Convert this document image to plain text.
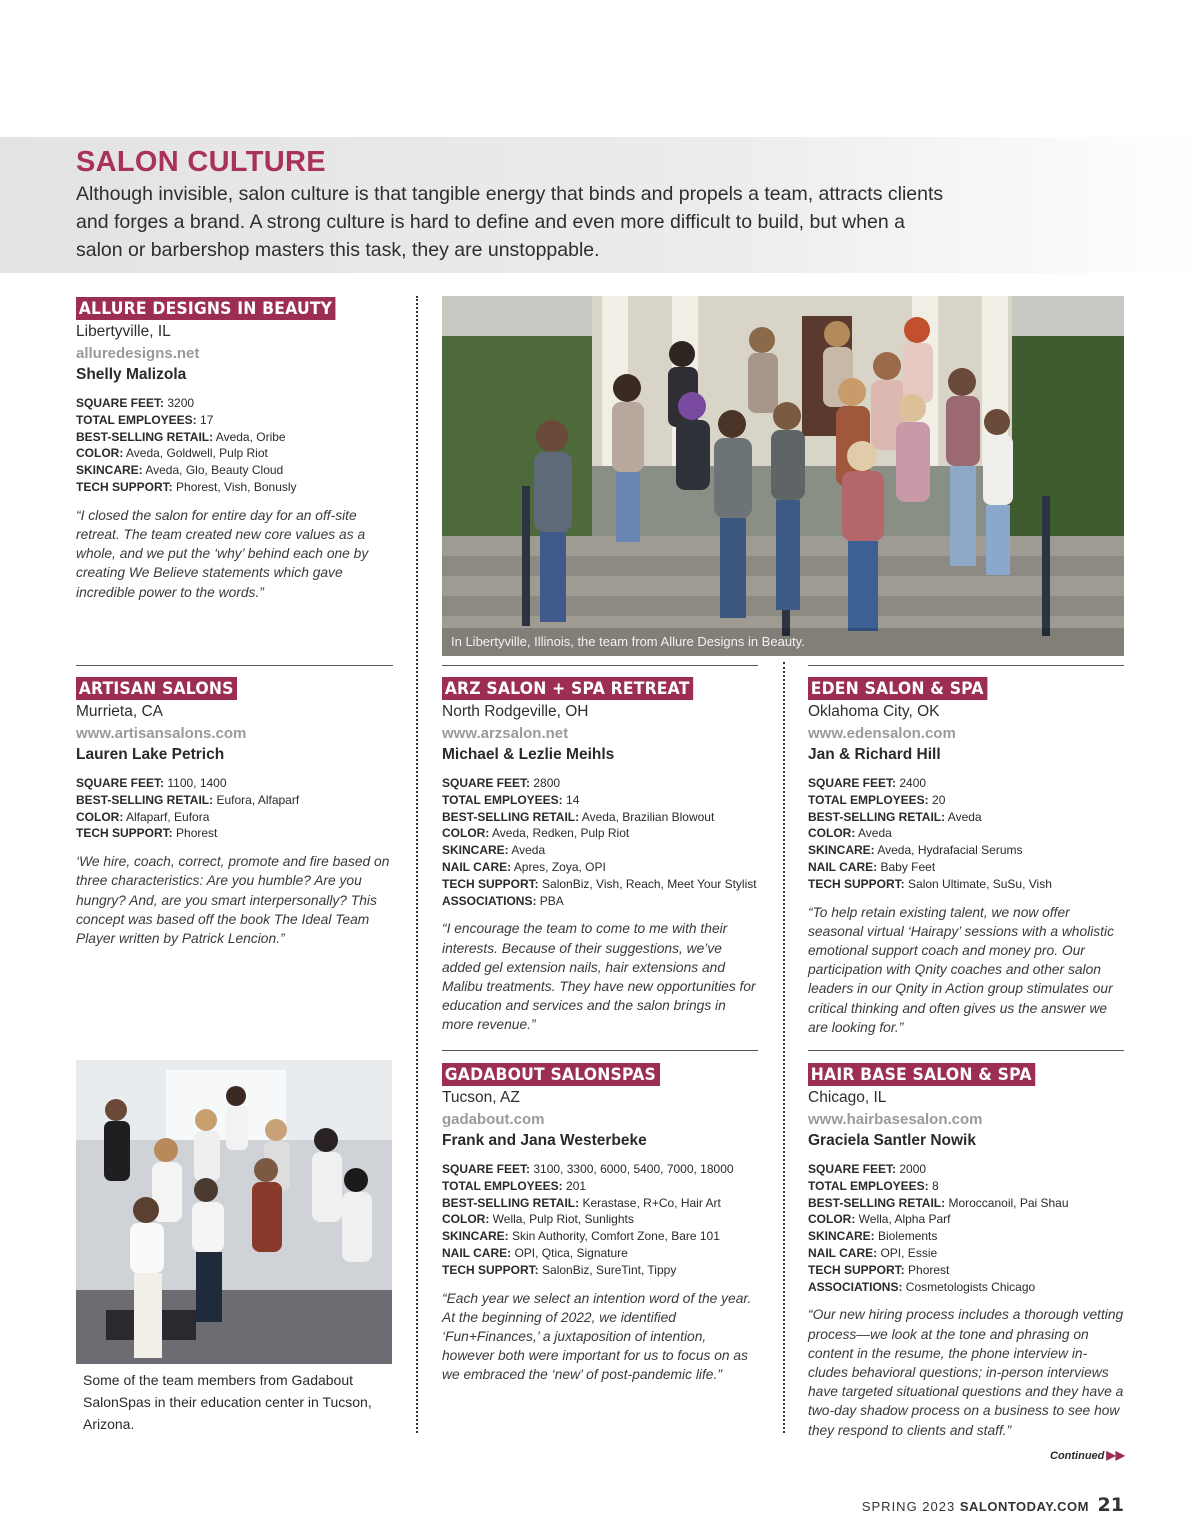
SALON CULTURE
Although invisible, salon culture is that tangible energy that binds and propels a team, attracts clients and forges a brand. A strong culture is hard to define and even more difficult to build, but when a salon or barbershop masters this task, they are unstoppable.
ALLURE DESIGNS IN BEAUTY
Libertyville, IL
alluredesigns.net
Shelly Malizola
SQUARE FEET: 3200
TOTAL EMPLOYEES: 17
BEST-SELLING RETAIL: Aveda, Oribe
COLOR: Aveda, Goldwell, Pulp Riot
SKINCARE: Aveda, Glo, Beauty Cloud
TECH SUPPORT: Phorest, Vish, Bonusly
“I closed the salon for entire day for an off-site retreat. The team created new core values as a whole, and we put the ‘why’ behind each one by creating We Believe statements which gave incredible power to the words.”
In Libertyville, Illinois, the team from Allure Designs in Beauty.
ARTISAN SALONS
Murrieta, CA
www.artisansalons.com
Lauren Lake Petrich
SQUARE FEET: 1100, 1400
BEST-SELLING RETAIL: Eufora, Alfaparf
COLOR: Alfaparf, Eufora
TECH SUPPORT: Phorest
‘We hire, coach, correct, promote and fire based on three characteristics: Are you humble? Are you hungry? And, are you smart interpersonally? This concept was based off the book The Ideal Team Player written by Patrick Lencion.”
ARZ SALON + SPA RETREAT
North Rodgeville, OH
www.arzsalon.net
Michael & Lezlie Meihls
SQUARE FEET: 2800
TOTAL EMPLOYEES: 14
BEST-SELLING RETAIL: Aveda, Brazilian Blowout
COLOR: Aveda, Redken, Pulp Riot
SKINCARE: Aveda
NAIL CARE: Apres, Zoya, OPI
TECH SUPPORT: SalonBiz, Vish, Reach, Meet Your Stylist
ASSOCIATIONS: PBA
“I encourage the team to come to me with their interests. Because of their suggestions, we’ve added gel extension nails, hair extensions and Malibu treatments. They have new opportunities for education and services and the salon brings in more revenue.”
EDEN SALON & SPA
Oklahoma City, OK
www.edensalon.com
Jan & Richard Hill
SQUARE FEET: 2400
TOTAL EMPLOYEES: 20
BEST-SELLING RETAIL: Aveda
COLOR: Aveda
SKINCARE: Aveda, Hydrafacial Serums
NAIL CARE: Baby Feet
TECH SUPPORT: Salon Ultimate, SuSu, Vish
“To help retain existing talent, we now offer seasonal virtual ‘Hairapy’ sessions with a wholistic emotional support coach and money pro. Our participation with Qnity coaches and other salon leaders in our Qnity in Action group stimulates our critical thinking and often gives us the answer we are looking for.”
Some of the team members from Gadabout SalonSpas in their education center in Tucson, Arizona.
GADABOUT SALONSPAS
Tucson, AZ
gadabout.com
Frank and Jana Westerbeke
SQUARE FEET: 3100, 3300, 6000, 5400, 7000, 18000
TOTAL EMPLOYEES: 201
BEST-SELLING RETAIL: Kerastase, R+Co, Hair Art
COLOR: Wella, Pulp Riot, Sunlights
SKINCARE: Skin Authority, Comfort Zone, Bare 101
NAIL CARE: OPI, Qtica, Signature
TECH SUPPORT: SalonBiz, SureTint, Tippy
“Each year we select an intention word of the year. At the beginning of 2022, we identified ‘Fun+Finances,’ a juxtaposition of intention, however both were important for us to focus on as we embraced the ‘new’ of post-pandemic life.”
HAIR BASE SALON & SPA
Chicago, IL
www.hairbasesalon.com
Graciela Santler Nowik
SQUARE FEET: 2000
TOTAL EMPLOYEES: 8
BEST-SELLING RETAIL: Moroccanoil, Pai Shau
COLOR: Wella, Alpha Parf
SKINCARE: Biolements
NAIL CARE: OPI, Essie
TECH SUPPORT: Phorest
ASSOCIATIONS: Cosmetologists Chicago
“Our new hiring process includes a thorough vetting process—we look at the tone and phrasing on content in the resume, the phone interview in-cludes behavioral questions; in-person interviews have targeted situational questions and they have a two-day shadow process on a business to see how they respond to clients and staff.”
Continued ▶▶
SPRING 2023 SALONTODAY.COM 21
